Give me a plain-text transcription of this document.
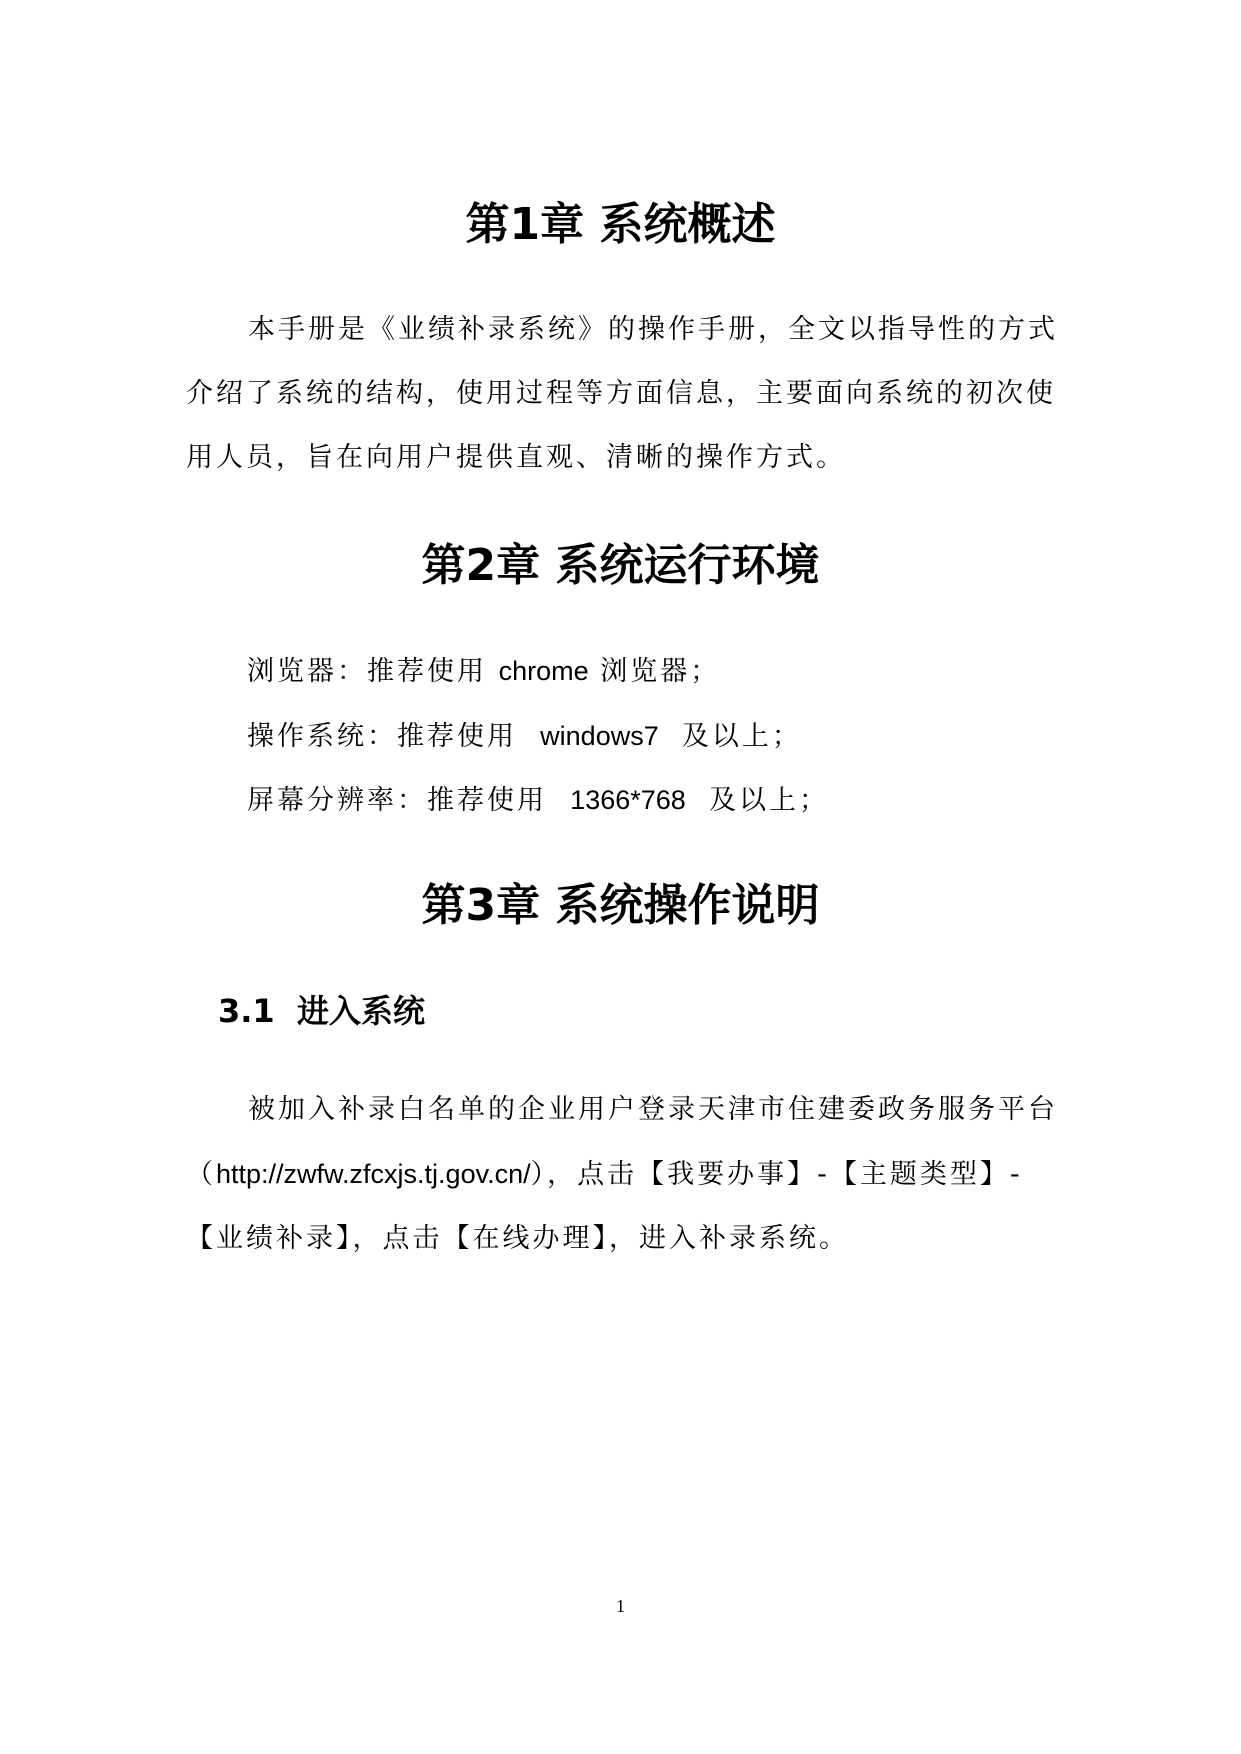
第1章 系统概述

本手册是《业绩补录系统》的操作手册，全文以指导性的方式介绍了系统的结构，使用过程等方面信息，主要面向系统的初次使用人员，旨在向用户提供直观、清晰的操作方式。

第2章 系统运行环境

浏览器：推荐使用 chrome 浏览器；

操作系统：推荐使用  windows7  及以上；

屏幕分辨率：推荐使用  1366*768  及以上；

第3章 系统操作说明
3.1  进入系统

被加入补录白名单的企业用户登录天津市住建委政务服务平台（http://zwfw.zfcxjs.tj.gov.cn/），点击【我要办事】-【主题类型】-【业绩补录】，点击【在线办理】，进入补录系统。

1
